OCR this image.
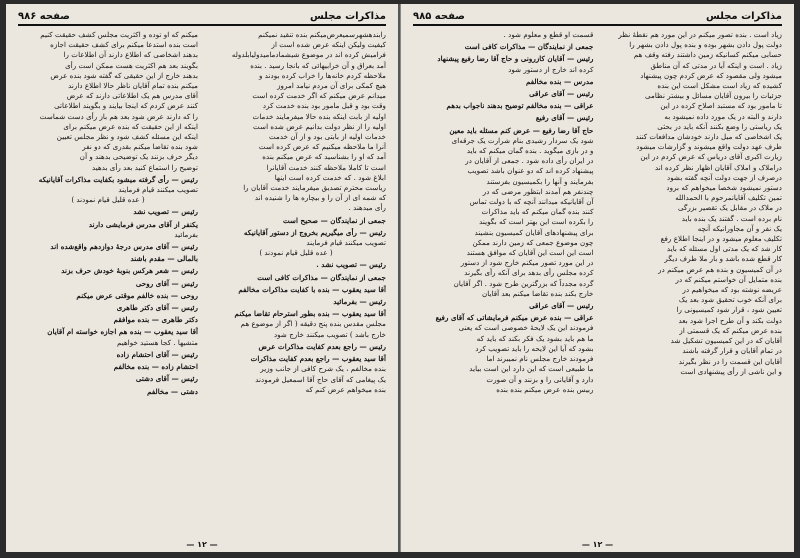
مذاکرات مجلس
صفحه ۹۸۶
رابندهشهرسمیعرض‌میکنم بنده تنقید نمیکنم
کیفیت ولیکن اینکه عرض شده است از
فرامیش کرده اند در موضوع شیشمادمامیدولیابلدوله
آمد بعراق و آن خرابیهائی که بانجا رسید . بنده
ملاحظه کردم خانه‌ها را خراب کرده بودند و
هیچ کمکی برای آن مردم نیامد امروز
میدانم عرض میکنم که اگر خدمت کرده است
وقت بود و قبل مامور بود بنده خدمت کرد
اولیه از بابت اینکه بنده حالا میفرمایند خدمات
اولیه را از نظر دولت بدانیم عرض شده است
خدمات اولیه از بابتی بود و از آن خدمت
آنرا ما ملاحظه میکنیم که عرض کرده است
آمد که او را بشناسید که عرض میکنم بنده
است تا کاملا ملاحظه کنند خدمت آقایانرا
ابلاغ شود . که خدمت کرده است اینها
ریاست محترم تصدیق میفرمایند خدمت آقایان را
که شمه ای از آن را و بیچاره ها را شنیده اند
رأی میدهند .
جمعی از نمایندگان — صحیح است
رئیس — رأی میگیریم بخروج از دستور آقایانیکه
تصویب میکنند قیام فرمایند
( عده قلیل قیام نمودند )
رئیس — تصویب نشد .
جمعی از نمایندگان — مذاکرات کافی است
آقا سید یعقوب — بنده با کفایت مذاکرات مخالفم
رئیس — بفرمائید
آقا سید یعقوب — بنده بطور استرحام تقاضا میکنم
مجلس مقدس بنده پنج دقیقه ( اگر از موضوع هم
خارج باشد ) تصویب میکنند خارج شود
رئیس — راجع بعدم کفایت مذاکرات عرض
آقا سید یعقوب — راجع بعدم کفایت مذاکرات
بنده مخالفم ، یک شرح کافی از جانب وزیر
یک پیغامی که آقای حاج آقا اسمعیل فرمودند
بنده میخواهم عرض کنم که
میکنم که او توده و اکثریت مجلس کشف حقیقت کنیم
است بنده استدعا میکنم برای کشف حقیقت اجازه
بدهند اشخاصی که اطلاع دارند آن اطلاعات را
بگویند بعد هم اکثریت هست ممکن است رأی
بدهند خارج از این حقیقی که گفته شود بنده عرض
میکنم بنده تمام آقایان ناظر حالا اطلاع دارند
آقای مدرس هم یک اطلاعاتی دارند که عرض
کنند عرض کردم که اینجا بیایند و بگویند اطلاعاتی
را که دارند عرض شود بعد هم باز رأی دست شماست
اینکه از این حقیقت که بنده عرض میکنم برای
اینکه این مسئله کشف شود و نظر مجلس تعیین
شود بنده تقاضا میکنم بقدری که دو نفر
دیگر حرف بزنند یک توضیحی بدهند و آن
توضیح را استماع کنید بعد رأی بدهید
رئیس — رأی گرفته میشود بکفایت مذاکرات آقایانیکه
تصویب میکنند قیام فرمایند
( عده قلیل قیام نمودند )
رئیس — تصویب نشد
یکنفر از آقای مدرس فرمایشی دارند
بفرمائید
رئیس — آقای مدرس درجهٔ دوازدهم واقع‌شده اند
بالمالی — مقدم باشند
رئیس — شعر هرکس بنوبهٔ خودش حرف بزند
رئیس — آقای روحی
روحی — بنده خالفم موقتی عرض میکنم
رئیس — آقای دکتر طاهری
دکتر طاهری — بنده موافقم
آقا سید یعقوب — بنده هم اجازه خواسته ام آقایان
متشیها . کجا هستید خواهیم
رئیس — آقای احتشام زاده
احتشام زاده — بنده مخالفم
رئیس — آقای دشتی
دشتی — مخالفم
— ۱۲ —
مذاکرات مجلس
صفحه ۹۸۵
زیاد است . بنده تصور میکنم در این مورد هم نقطهٔ نظر
دولت پول دادن بشهر بوده و بنده پول دادن بشهر را
حسابی میکنم کسانیکه زمین داشتند رفته وقف هم
زیاد . است و اینکه آیا در مدتی که آن مناطق
میشود ولی مقصود که عرض کردم چون پیشنهاد
کشیده که زیاد است مشکل است این بنده
جزئیات را بیرون آقایان مسائل و بیشتر نظامی
تا مامور بود که مستبد اصلاح کرده در این
دارند و البته در یک مورد داده نمیشود به
یک ریاستی را وضع بکنند آنکه باید در بحثی
یک اشخاصی که میل دارند خودشان مدافعات کنند
طرف عهد دولت واقع میشوند و گزارشات میشود
زیارت اکبری آقای دریاس که عرض کردم در این
دراملاک و املاک آقایان اظهار نظر کرده اند
درصرف از جهت دولت آنچه گفته بشود
دستور نمیشود شخصا میخواهم که برود
تمین تکلیف آقایانمرحوم با الحمدالله
در ملاک در مقابل یک تقصیر بزرگی
نام برده است . گفتند یک بنده باید
یک نفر و آن مجاورانیکه آنچه
تکلیف معلوم میشود و در اینجا اطلاع رفع
کار شد که یک مدتی اول مسئله که باید
کار قطع شده باشد و بار ملا طرف دیگر
در آن کمیسیون و بنده هم عرض میکنم در
بنده متمایل آن خواستم میکنم که در
عریضه نوشته بود که میخواهیم در
برای آنکه خوب تحقیق شود بعد یک
تعیین شود ، قرار شود کمیسیونی را
دولت بکند و آن طرح اجرا شود بعد
بنده عرض میکنم که یک قسمتی از
آقایان که در این کمیسیون تشکیل شد
در تمام آقایان و قرار گرفته باشند
آقایان این قسمت را در نظر بگیرند
و این ناشی از رأی پیشنهادی است
قسمت او قطع و معلوم شود .
جمعی از نمایندگان — مذاکرات کافی است
رئیس — آقایان کازرونی و حاج آقا رضا رفیع پیشنهاد
کرده اند خارج از دستور شود
مدرس — بنده مخالفم
رئیس — آقای عراقی
عراقی — بنده مخالفم توضیح بدهند ناجواب بدهم
رئیس — آقای رفیع
حاج آقا رضا رفیع — عرض کنم مسئله باید معین
شود یک سردار رشیدی بنام شرارت یک جرقه‌ای
و در بازی میگوید . بنده گمان میکنم که باید
در ایران رأی داده شود . جمعی از آقایان در
پیشنهاد کرده اند که دو عنوان باشد تصویب
بفرمایند و آنها را بکمیسیون بفرستند
چندنفر هم آمدند ابتظور مرضی که در
آن آقایانیکه میدانند آنچه که با دولت تماس
کنند بنده گمان میکنم که باید مذاکرات
را بکرده است این بهتر است که بگویند
برای پیشنهادهای آقایان کمیسیون بنشیند
چون موضوع جمعی که زمین دارند ممکن
است این است این آقایان که موافق هستند
در این مورد تصور میکنم خارج شود از دستور
کرده مجلس رأی بدهد برای آنکه رأی بگیرند
گرده مجدداً که بزرگترین طرح شود . اگر آقایان
خارج بکند بنده تقاضا میکنم بعد آقایان
رئیس — آقای عراقی
عراقی — بنده عرض میکنم فرمایشاتی که آقای رفیع
فرمودند این یک لایحهٔ خصوصی است که یعنی
ما هم باید بشود یک فکر بکند که باید که
بشود که آیا این لایحه را باید تصویب کرد
فرمودند خارج مجلس نام نمیبرند اما
ما طبیعی است که این دارد این است بیاید
دارد و آقایانی را و بزنند و آن صورت
ربیس بنده عرض میکنم بنده بنده
— ۱۲ —
